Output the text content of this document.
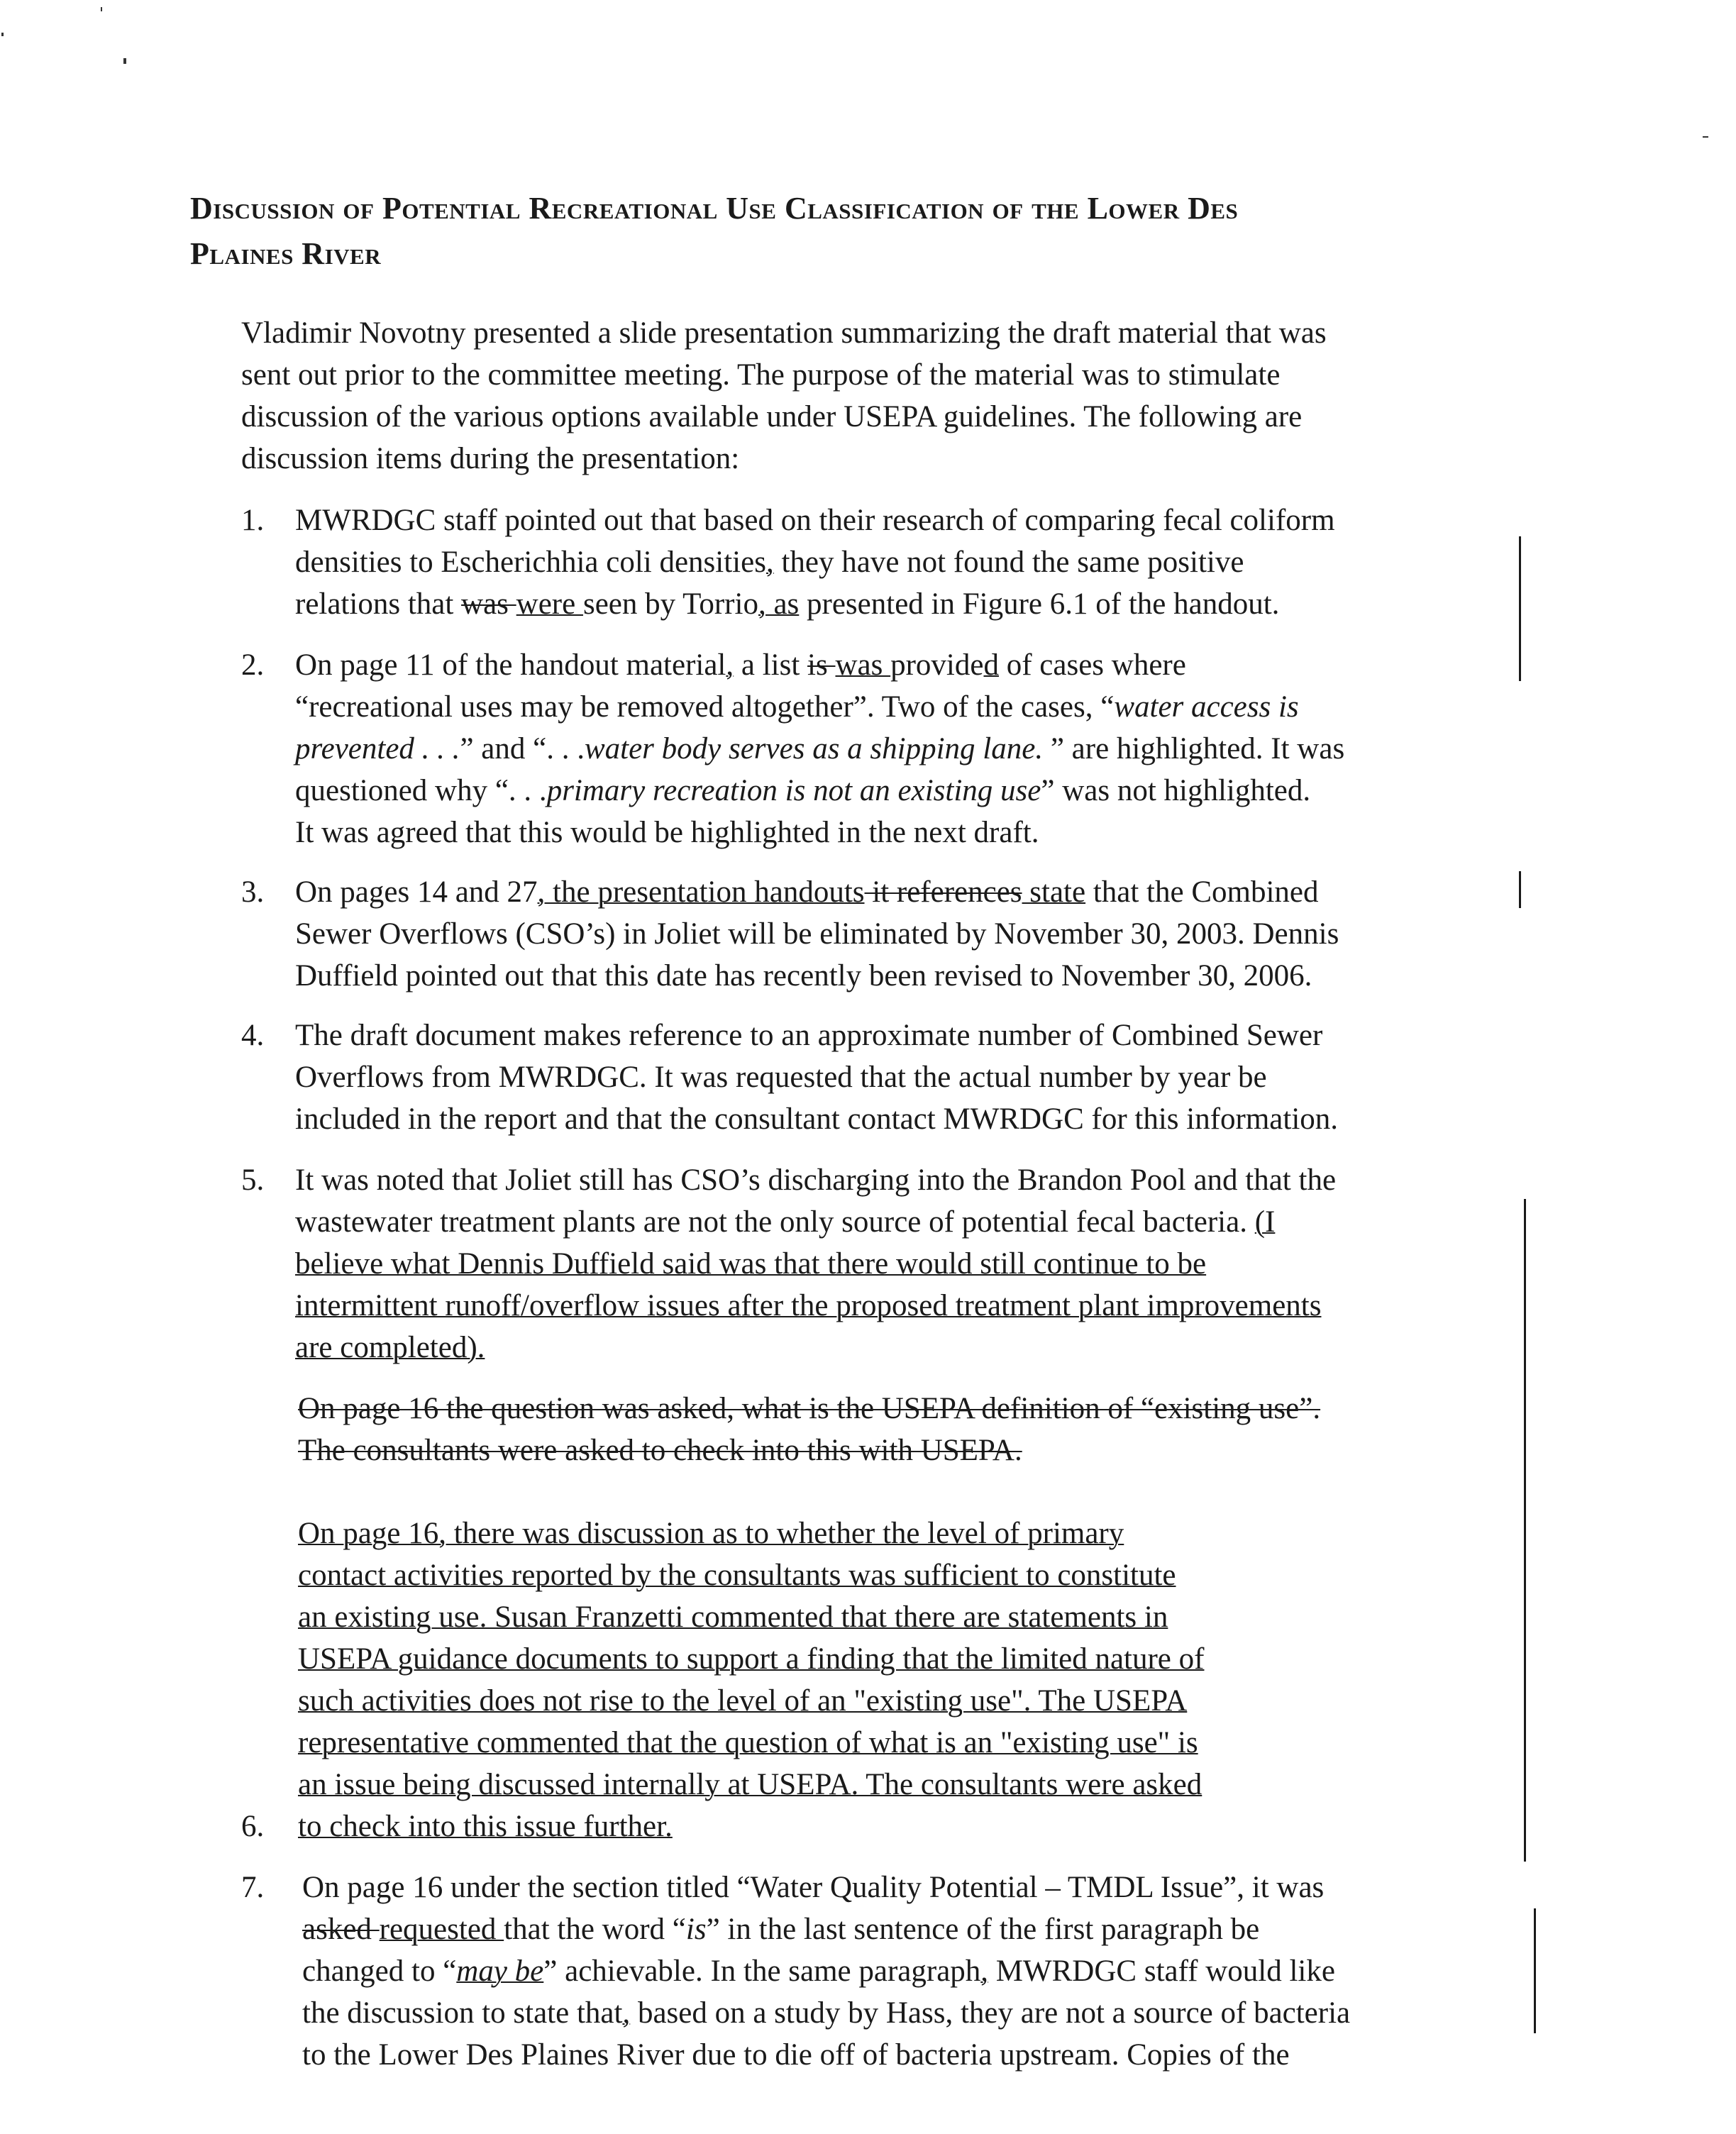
Discussion of Potential Recreational Use Classification of the Lower Des
Plaines River
Vladimir Novotny presented a slide presentation summarizing the draft material that was
sent out prior to the committee meeting. The purpose of the material was to stimulate
discussion of the various options available under USEPA guidelines. The following are
discussion items during the presentation:
1.	MWRDGC staff pointed out that based on their research of comparing fecal coliform
densities to Escherichhia coli densities, they have not found the same positive
relations that was were seen by Torrio, as presented in Figure 6.1 of the handout.
2.	On page 11 of the handout material, a list is was provided of cases where
“recreational uses may be removed altogether”. Two of the cases, “water access is
prevented . . .” and “. . .water body serves as a shipping lane. ” are highlighted. It was
questioned why “. . .primary recreation is not an existing use” was not highlighted.
It was agreed that this would be highlighted in the next draft.
3.	On pages 14 and 27, the presentation handouts it references state that the Combined
Sewer Overflows (CSO’s) in Joliet will be eliminated by November 30, 2003. Dennis
Duffield pointed out that this date has recently been revised to November 30, 2006.
4.	The draft document makes reference to an approximate number of Combined Sewer
Overflows from MWRDGC. It was requested that the actual number by year be
included in the report and that the consultant contact MWRDGC for this information.
5.	It was noted that Joliet still has CSO’s discharging into the Brandon Pool and that the
wastewater treatment plants are not the only source of potential fecal bacteria. (I
believe what Dennis Duffield said was that there would still continue to be
intermittent runoff/overflow issues after the proposed treatment plant improvements
are completed).
On page 16 the question was asked, what is the USEPA definition of “existing use”.
The consultants were asked to check into this with USEPA.
On page 16, there was discussion as to whether the level of primary
contact activities reported by the consultants was sufficient to constitute
an existing use. Susan Franzetti commented that there are statements in
USEPA guidance documents to support a finding that the limited nature of
such activities does not rise to the level of an "existing use". The USEPA
representative commented that the question of what is an "existing use" is
an issue being discussed internally at USEPA. The consultants were asked
to check into this issue further.
6.
7.	On page 16 under the section titled “Water Quality Potential – TMDL Issue”, it was
asked requested that the word “is” in the last sentence of the first paragraph be
changed to “may be” achievable. In the same paragraph, MWRDGC staff would like
the discussion to state that, based on a study by Hass, they are not a source of bacteria
to the Lower Des Plaines River due to die off of bacteria upstream. Copies of the
